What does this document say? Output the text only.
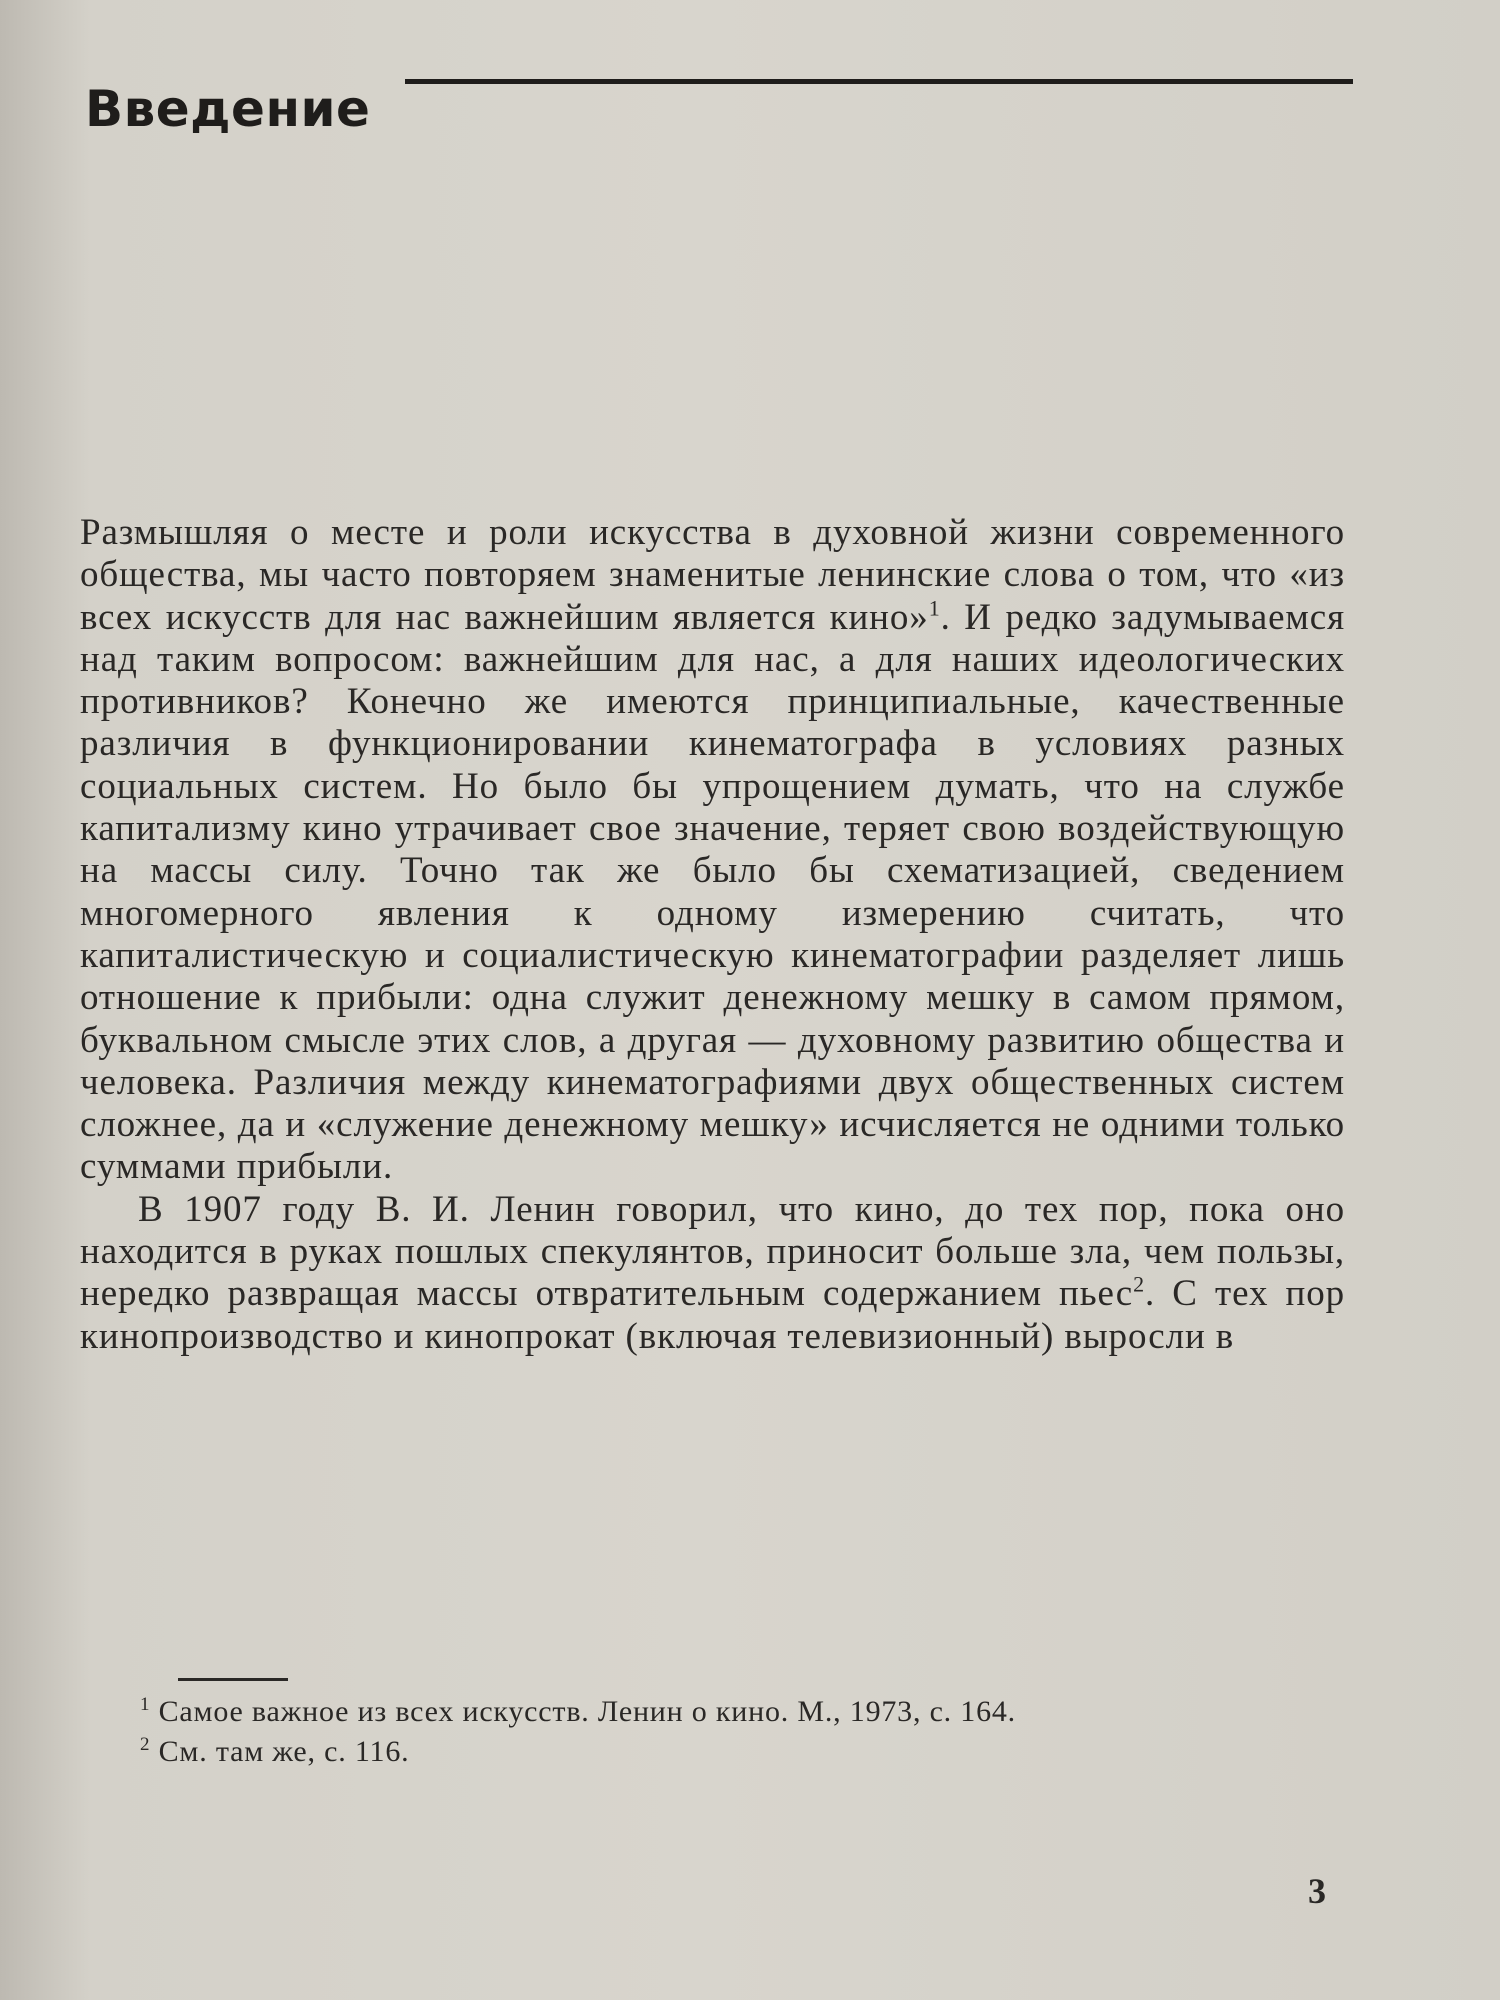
Введение

Размышляя о месте и роли искусства в духовной жизни современного общества, мы часто повторяем знаменитые ленинские слова о том, что «из всех искусств для нас важнейшим является кино»$^1$. И редко задумываемся над таким вопросом: важнейшим для нас, а для наших идеологических противников? Конечно же имеются принципиальные, качественные различия в функционировании кинематографа в условиях разных социальных систем. Но было бы упрощением думать, что на службе капитализму кино утрачивает свое значение, теряет свою воздействующую на массы силу. Точно так же было бы схематизацией, сведением многомерного явления к одному измерению считать, что капиталистическую и социалистическую кинематографии разделяет лишь отношение к прибыли: одна служит денежному мешку в самом прямом, буквальном смысле этих слов, а другая — духовному развитию общества и человека. Различия между кинематографиями двух общественных систем сложнее, да и «служение денежному мешку» исчисляется не одними только суммами прибыли.

В 1907 году В. И. Ленин говорил, что кино, до тех пор, пока оно находится в руках пошлых спекулянтов, приносит больше зла, чем пользы, нередко развращая массы отвратительным содержанием пьес$^2$. С тех пор кинопроизводство и кинопрокат (включая телевизионный) выросли в

$^1$ Самое важное из всех искусств. Ленин о кино. М., 1973, с. 164.

$^2$ См. там же, с. 116.

3
